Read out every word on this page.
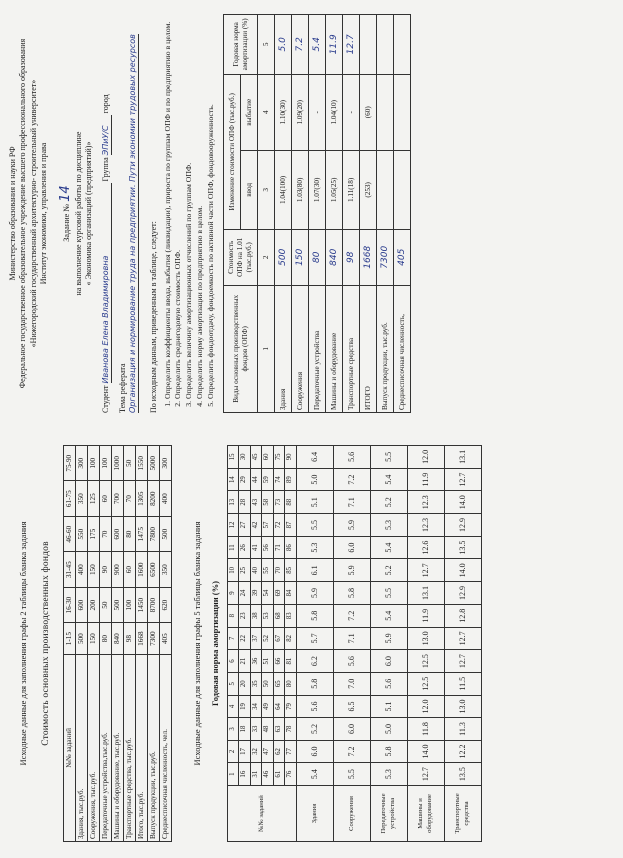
Исходные данные для заполнения графы 2 таблицы бланка задания Стоимость основных производственных фондов
№№ заданий	1-15	16-30	31-45	46-60	61-75	75-90
Здания, тыс.руб.	500	600	400	550	350	300
Сооружения, тыс.руб.	150	200	150	175	125	100
Передаточные устройства,тыс.руб.	80	50	90	70	60	100
Машины и оборудование, тыс.руб.	840	500	900	600	700	1000
Транспортные средства, тыс.руб.	98	100	60	80	70	50
Итого, тыс.руб.	1668	1450	1600	1475	1305	1550
Выпуск продукции, тыс.руб.	7300	8700	6500	7800	8200	5000
Среднесписочная численность, чел.	405	620	350	500	400	300
Исходные данные для заполнения графы 5 таблицы бланка задания Годовая норма амортизации (%)
№№ заданий	1	2	3	4	5	6	7	8	9	10	11	12	13	14	15
	16	17	18	19	20	21	22	23	24	25	26	27	28	29	30
	31	32	33	34	35	36	37	38	39	40	41	42	43	44	45
	46	47	48	49	50	51	52	53	54	55	56	57	58	59	60
	61	62	63	64	65	66	67	68	69	70	71	72	73	74	75
	76	77	78	79	80	81	82	83	84	85	86	87	88	89	90
Здания	5.4	6.0	5.2	5.6	5.8	6.2	5.7	5.8	5.9	6.1	5.3	5.5	5.1	5.0	6.4
Сооружения	5.5	7.2	6.0	6.5	7.0	5.6	7.1	7.2	5.8	5.9	6.0	5.9	7.1	7.2	5.6
Передаточные устройства	5.3	5.8	5.0	5.1	5.6	6.0	5.9	5.4	5.5	5.2	5.4	5.3	5.2	5.4	5.5
Машины и оборудование	12.7	14.0	11.8	12.0	12.5	12.5	13.0	11.9	13.1	12.7	12.6	12.3	12.3	11.9	12.0
Транспортные средства	13.5	12.2	11.3	13.0	11.5	12.7	12.7	12.8	12.9	14.0	13.5	12.9	14.0	12.7	13.1
Министерство образования и науки РФ Федеральное государственное образовательное учреждение высшего профессионального образования «Нижегородский государственный архитектурно- строительный университет» Институт экономики, управления и права	Задание № 14 на выполнение курсовой работы по дисциплине « Экономика организаций (предприятий)»
Студент Иванова Елена Владимировна Группа ЭПиУ/С город
Тема реферата Организация и нормирование труда на предприятии. Пути экономии трудовых ресурсов По исходным данным, приведенным в таблице, следует: 1. Определить коэффициенты ввода, выбытия (ликвидации), прироста по группам ОПФ и по предприятию в целом. 2. Определить среднегодовую стоимость ОПФ. 3. Определить величину амортизационных отчислений по группам ОПФ. 4. Определить норму амортизации по предприятию в целом. 5. Определить фондоотдачу, фондоемкость по активной части ОПФ, фондовооруженность. Виды основных производственных фондов (ОПФ)	Стоимость ОПФ на 1.01 (тыс.руб.)	Изменение стоимости ОПФ (тыс.руб.)		Годовая норма амортизации (%)
		ввод	выбытие	
1	2	3	4	5
Здания	500	1.04(100)	1.10(30)	5.0
Сооружения	150	1.03(80)	1.09(20)	7.2
Передаточные устройства	80	1.07(30)	-	5.4
Машины и оборудование	840	1.05(25)	1.04(10)	11.9
Транспортные средства	98	1.11(18)	-	12.7
ИТОГО	1668	(253)	(60)	
Выпуск продукции, тыс.руб.	7300			
Среднесписочная численность,	405			
